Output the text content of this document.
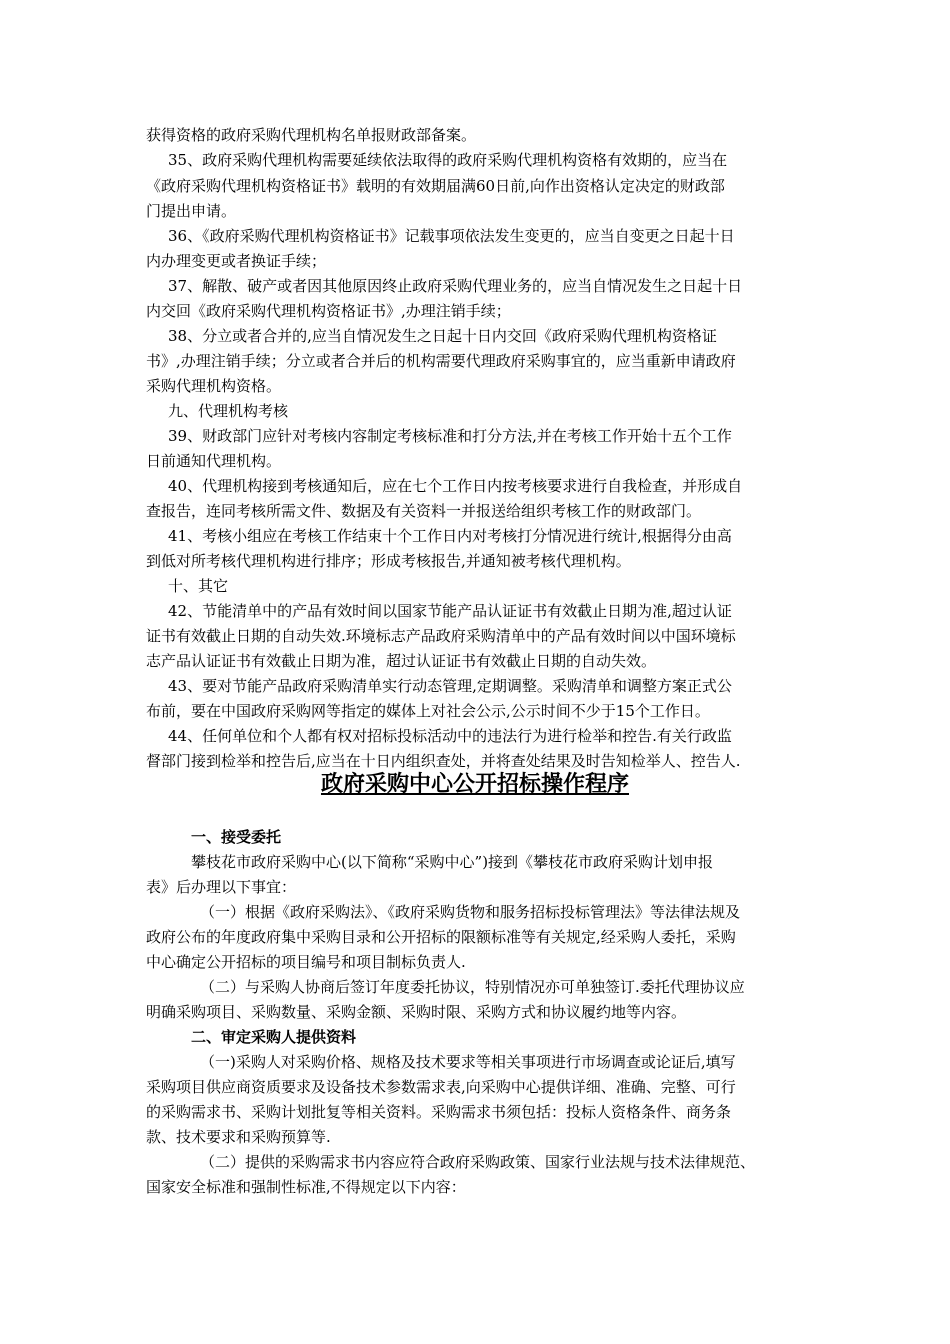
获得资格的政府采购代理机构名单报财政部备案。
35、政府采购代理机构需要延续依法取得的政府采购代理机构资格有效期的，应当在
《政府采购代理机构资格证书》载明的有效期届满60日前,向作出资格认定决定的财政部
门提出申请。
36、《政府采购代理机构资格证书》记载事项依法发生变更的，应当自变更之日起十日
内办理变更或者换证手续；
37、解散、破产或者因其他原因终止政府采购代理业务的，应当自情况发生之日起十日
内交回《政府采购代理机构资格证书》,办理注销手续；
38、分立或者合并的,应当自情况发生之日起十日内交回《政府采购代理机构资格证
书》,办理注销手续；分立或者合并后的机构需要代理政府采购事宜的，应当重新申请政府
采购代理机构资格。
九、代理机构考核
39、财政部门应针对考核内容制定考核标准和打分方法,并在考核工作开始十五个工作
日前通知代理机构。
40、代理机构接到考核通知后，应在七个工作日内按考核要求进行自我检查，并形成自
查报告，连同考核所需文件、数据及有关资料一并报送给组织考核工作的财政部门。
41、考核小组应在考核工作结束十个工作日内对考核打分情况进行统计,根据得分由高
到低对所考核代理机构进行排序；形成考核报告,并通知被考核代理机构。
十、其它
42、节能清单中的产品有效时间以国家节能产品认证证书有效截止日期为准,超过认证
证书有效截止日期的自动失效.环境标志产品政府采购清单中的产品有效时间以中国环境标
志产品认证证书有效截止日期为准，超过认证证书有效截止日期的自动失效。
43、要对节能产品政府采购清单实行动态管理,定期调整。采购清单和调整方案正式公
布前，要在中国政府采购网等指定的媒体上对社会公示,公示时间不少于15个工作日。
44、任何单位和个人都有权对招标投标活动中的违法行为进行检举和控告.有关行政监
督部门接到检举和控告后,应当在十日内组织查处，并将查处结果及时告知检举人、控告人.
政府采购中心公开招标操作程序
一、接受委托
攀枝花市政府采购中心(以下简称“采购中心”)接到《攀枝花市政府采购计划申报
表》后办理以下事宜：
（一）根据《政府采购法》、《政府采购货物和服务招标投标管理法》等法律法规及
政府公布的年度政府集中采购目录和公开招标的限额标准等有关规定,经采购人委托，采购
中心确定公开招标的项目编号和项目制标负责人.
（二）与采购人协商后签订年度委托协议，特别情况亦可单独签订.委托代理协议应
明确采购项目、采购数量、采购金额、采购时限、采购方式和协议履约地等内容。
二、审定采购人提供资料
（一)采购人对采购价格、规格及技术要求等相关事项进行市场调查或论证后,填写
采购项目供应商资质要求及设备技术参数需求表,向采购中心提供详细、准确、完整、可行
的采购需求书、采购计划批复等相关资料。采购需求书须包括：投标人资格条件、商务条
款、技术要求和采购预算等.
（二）提供的采购需求书内容应符合政府采购政策、国家行业法规与技术法律规范、
国家安全标准和强制性标准,不得规定以下内容：
